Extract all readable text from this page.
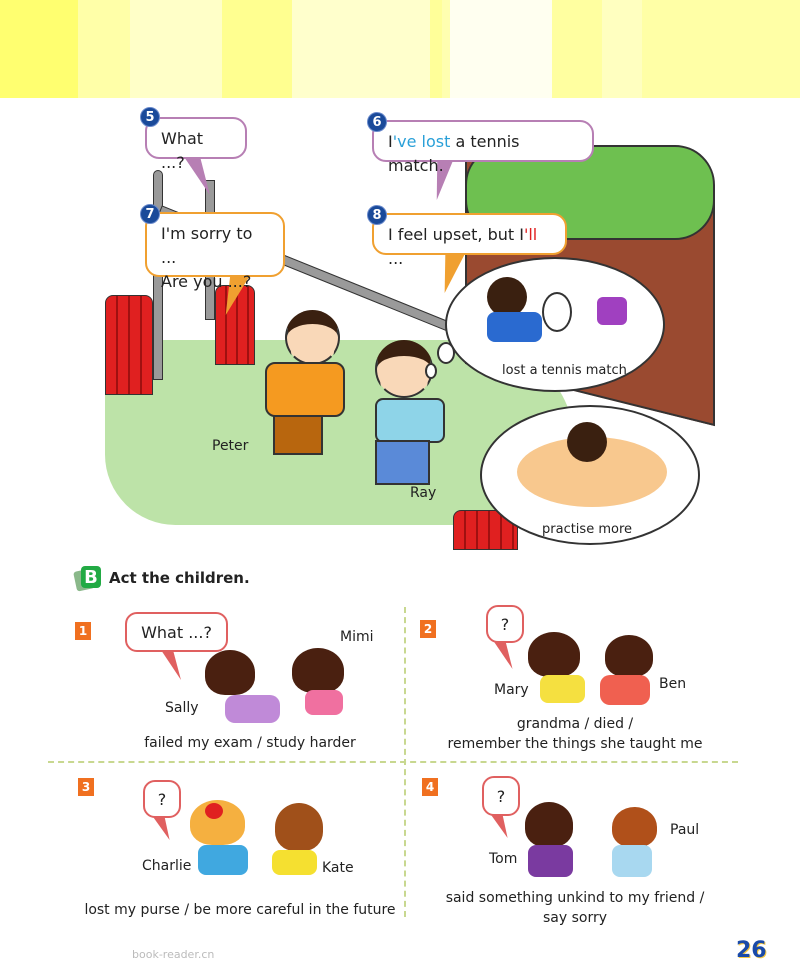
Peter
Ray
lost a tennis match
practise more
5
What ...?
6
I've lost a tennis match.
7
I'm sorry to ...
Are you ...?
8
I feel upset, but I'll ...
B Act the children.
1	What ...?
Sally
Mimi
failed my exam / study harder
2	?
Mary	Ben
grandma / died /
remember the things she taught me
3
?
Charlie	Kate
lost my purse / be more careful in the future
4	?
Tom
Paul
said something unkind to my friend /
say sorry
book-reader.cn	26
